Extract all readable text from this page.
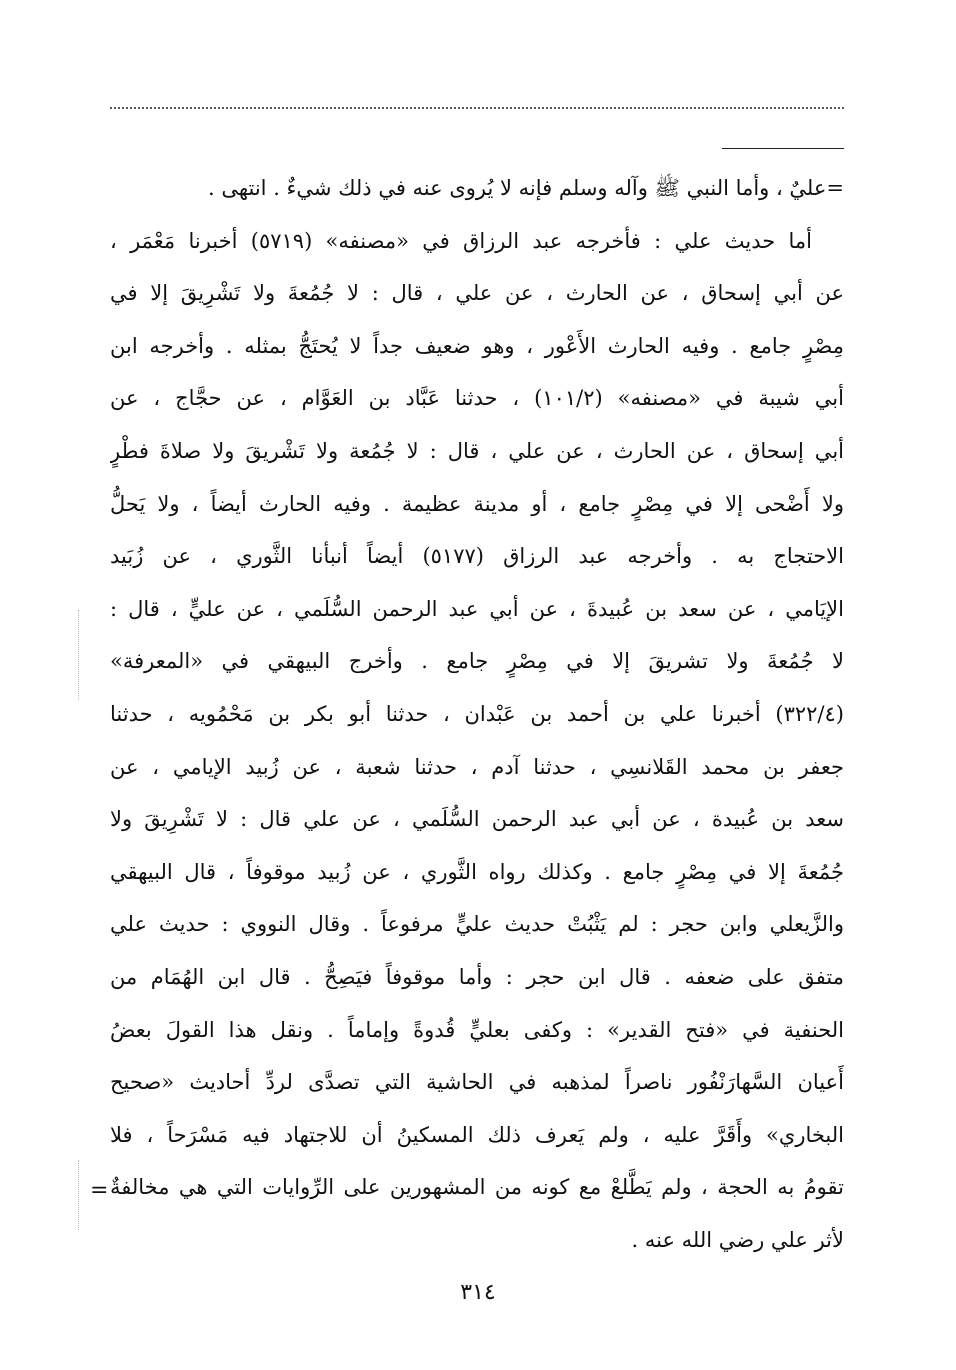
=عليٌ ، وأما النبي ﷺ وآله وسلم فإنه لا يُروى عنه في ذلك شيءٌ . انتهى .
أما حديث علي : فأخرجه عبد الرزاق في «مصنفه» (٥٧١٩) أخبرنا مَعْمَر ،
عن أبي إسحاق ، عن الحارث ، عن علي ، قال : لا جُمُعةَ ولا تَشْرِيقَ إلا في
مِصْرٍ جامع . وفيه الحارث الأَعْور ، وهو ضعيف جداً لا يُحتَجُّ بمثله . وأخرجه ابن
أبي شيبة في «مصنفه» (١٠١/٢) ، حدثنا عَبَّاد بن العَوَّام ، عن حجَّاج ، عن
أبي إسحاق ، عن الحارث ، عن علي ، قال : لا جُمُعة ولا تَشْريقَ ولا صلاةَ فطْرٍ
ولا أَضْحى إلا في مِصْرٍ جامع ، أو مدينة عظيمة . وفيه الحارث أيضاً ، ولا يَحلُّ
الاحتجاج به . وأخرجه عبد الرزاق (٥١٧٧) أيضاً أنبأنا الثَّوري ، عن زُبَيد
الإيَامي ، عن سعد بن عُبيدةَ ، عن أبي عبد الرحمن السُّلَمي ، عن عليٍّ ، قال :
لا جُمُعةَ ولا تشريقَ إلا في مِصْرٍ جامع . وأخرج البيهقي في «المعرفة»
(٣٢٢/٤) أخبرنا علي بن أحمد بن عَبْدان ، حدثنا أبو بكر بن مَحْمُويه ، حدثنا
جعفر بن محمد القَلانسِي ، حدثنا آدم ، حدثنا شعبة ، عن زُبيد الإيامي ، عن
سعد بن عُبيدة ، عن أبي عبد الرحمن السُّلَمي ، عن علي قال : لا تَشْرِيقَ ولا
جُمُعةَ إلا في مِصْرٍ جامع . وكذلك رواه الثَّوري ، عن زُبيد موقوفاً ، قال البيهقي
والزَّيعلي وابن حجر : لم يَثْبُتْ حديث عليٍّ مرفوعاً . وقال النووي : حديث علي
متفق على ضعفه . قال ابن حجر : وأما موقوفاً فيَصِحُّ . قال ابن الهُمَام من
الحنفية في «فتح القدير» : وكفى بعليٍّ قُدوةً وإماماً . ونقل هذا القولَ بعضُ
أَعيان السَّهارَنْفُور ناصراً لمذهبه في الحاشية التي تصدَّى لردِّ أحاديث «صحيح
البخاري» وأَقَرَّ عليه ، ولم يَعرف ذلك المسكينُ أن للاجتهاد فيه مَسْرَحاً ، فلا
تقومُ به الحجة ، ولم يَطَّلعْ مع كونه من المشهورين على الرِّوايات التي هي مخالفةٌ
لأثر علي رضي الله عنه .
=
٣١٤
